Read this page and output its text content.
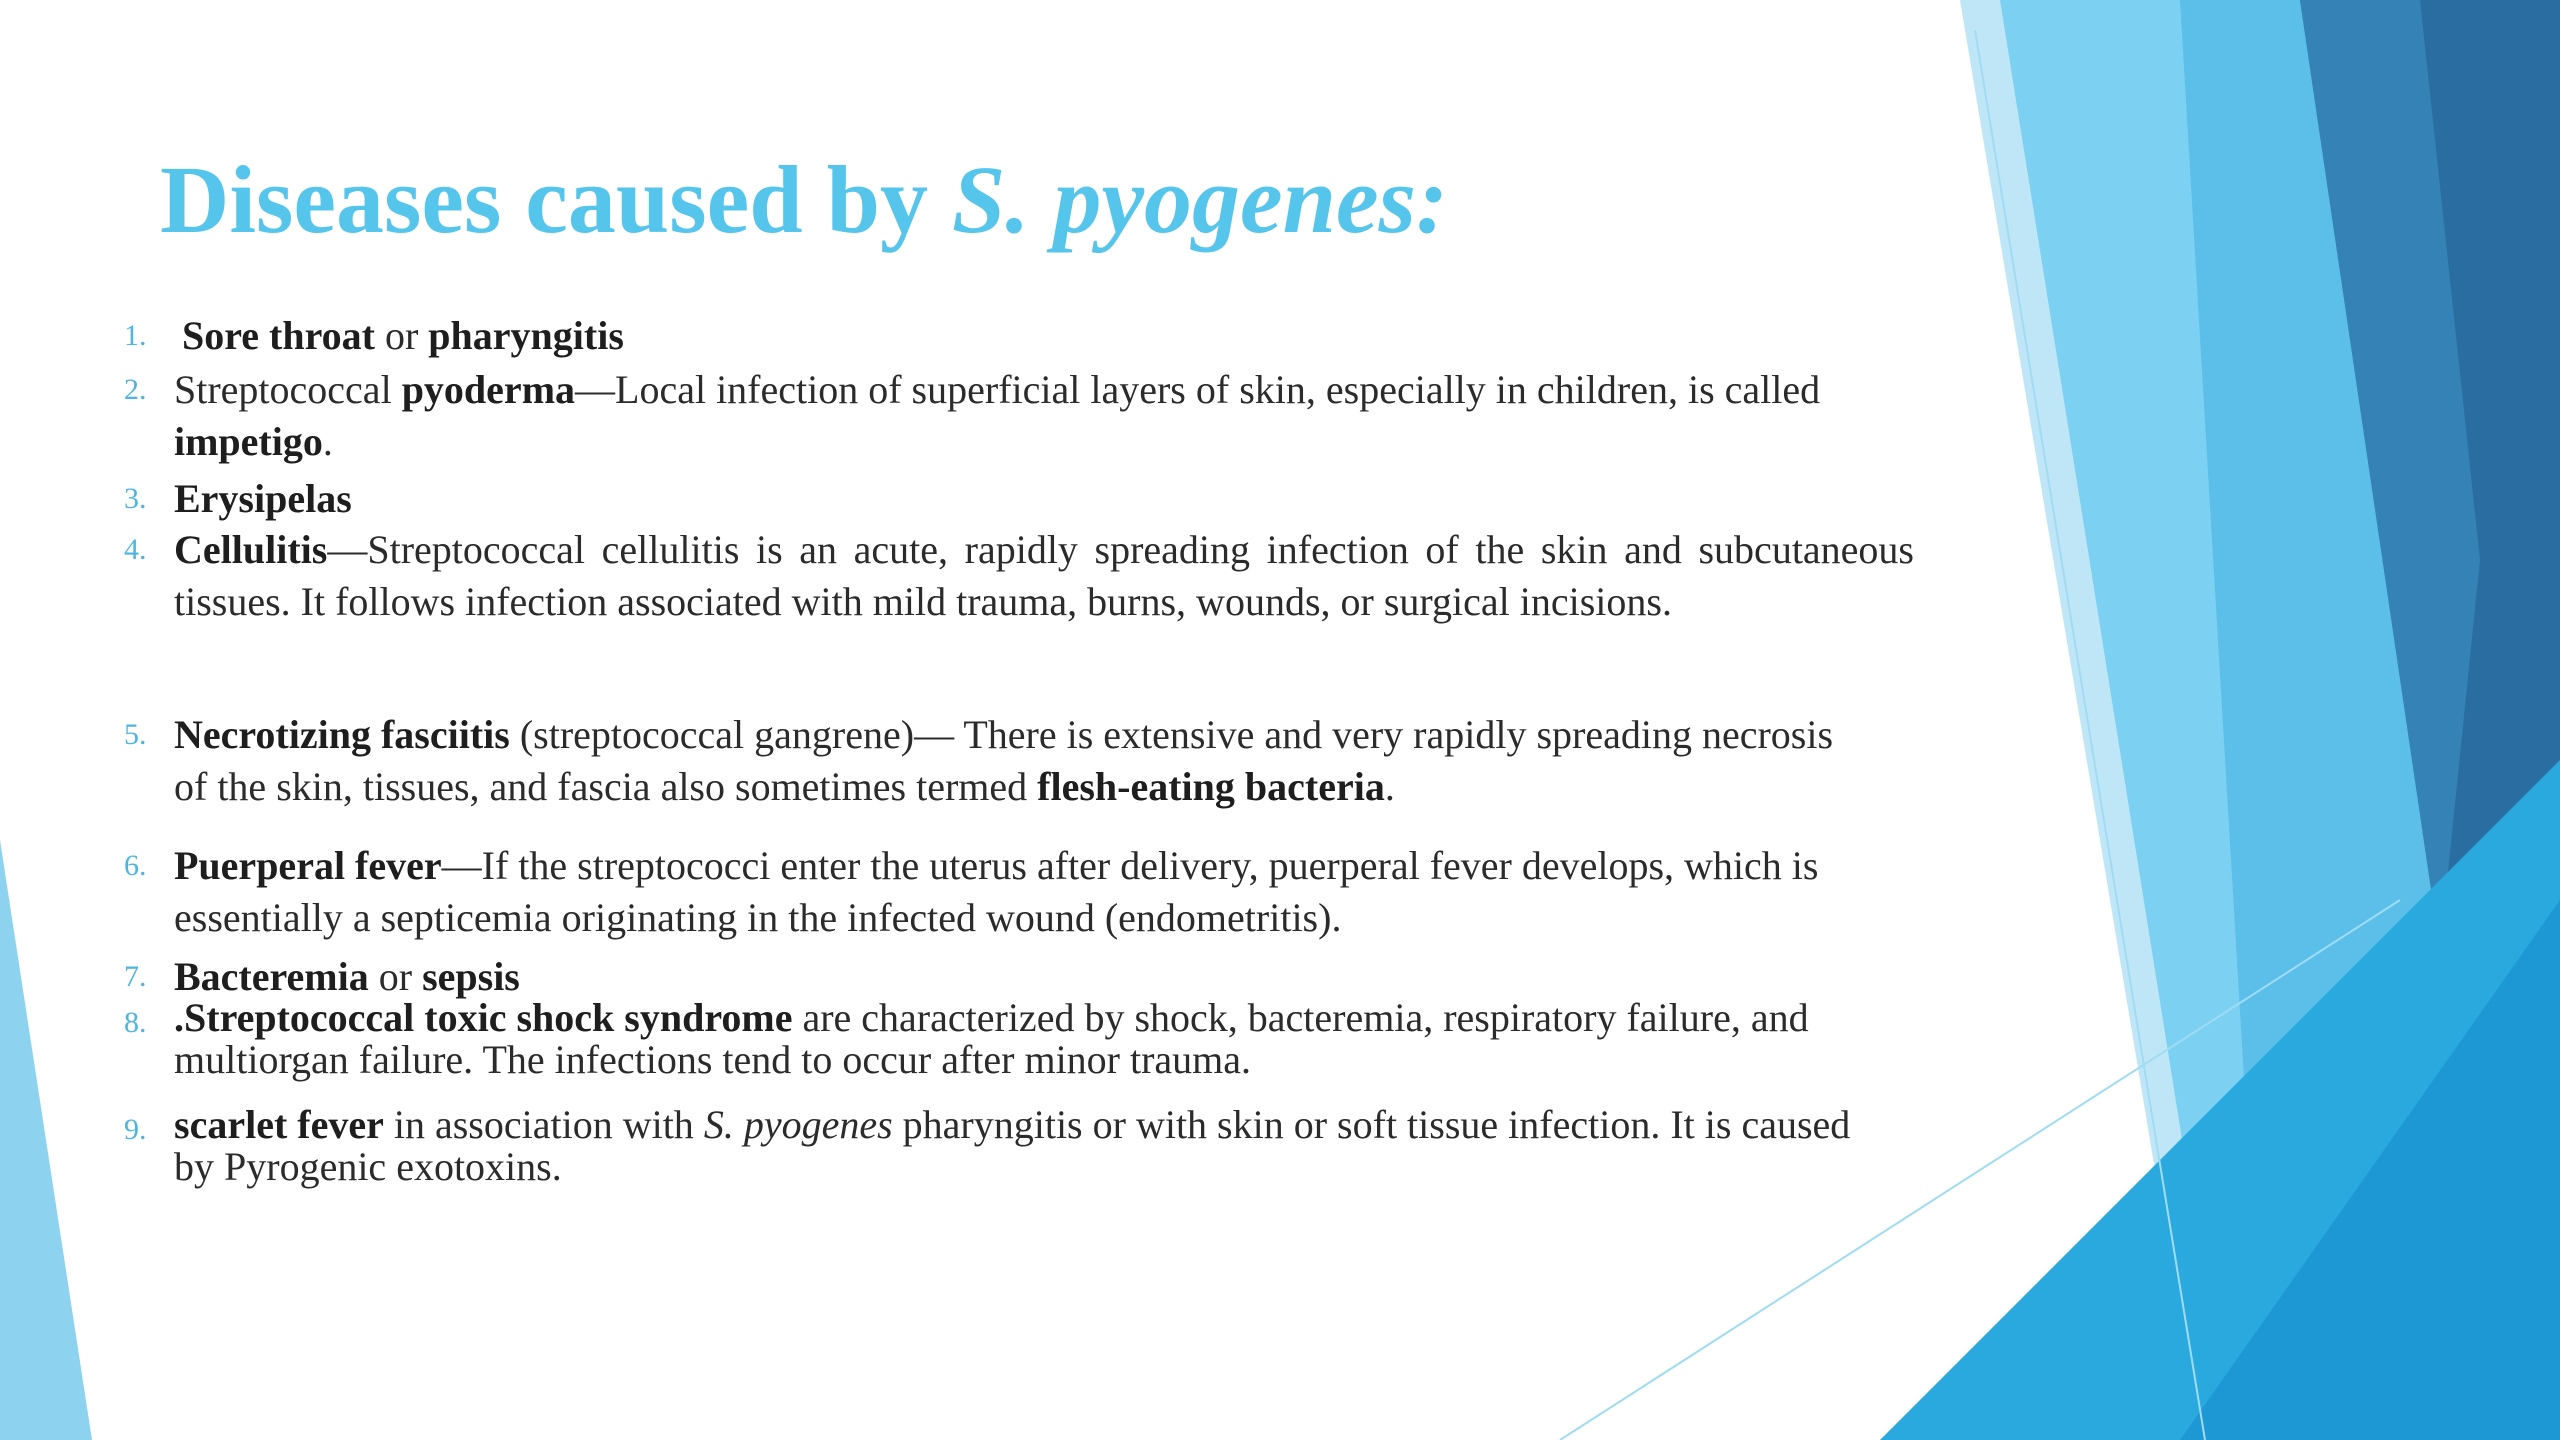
Diseases caused by S. pyogenes:
1. Sore throat or pharyngitis
2. Streptococcal pyoderma—Local infection of superficial layers of skin, especially in children, is called impetigo.
3. Erysipelas
4. Cellulitis—Streptococcal cellulitis is an acute, rapidly spreading infection of the skin and subcutaneous tissues. It follows infection associated with mild trauma, burns, wounds, or surgical incisions.
5. Necrotizing fasciitis (streptococcal gangrene)— There is extensive and very rapidly spreading necrosis of the skin, tissues, and fascia also sometimes termed flesh-eating bacteria.
6. Puerperal fever—If the streptococci enter the uterus after delivery, puerperal fever develops, which is essentially a septicemia originating in the infected wound (endometritis).
7. Bacteremia or sepsis
8. .Streptococcal toxic shock syndrome are characterized by shock, bacteremia, respiratory failure, and multiorgan failure. The infections tend to occur after minor trauma.
9. scarlet fever in association with S. pyogenes pharyngitis or with skin or soft tissue infection. It is caused by Pyrogenic exotoxins.
